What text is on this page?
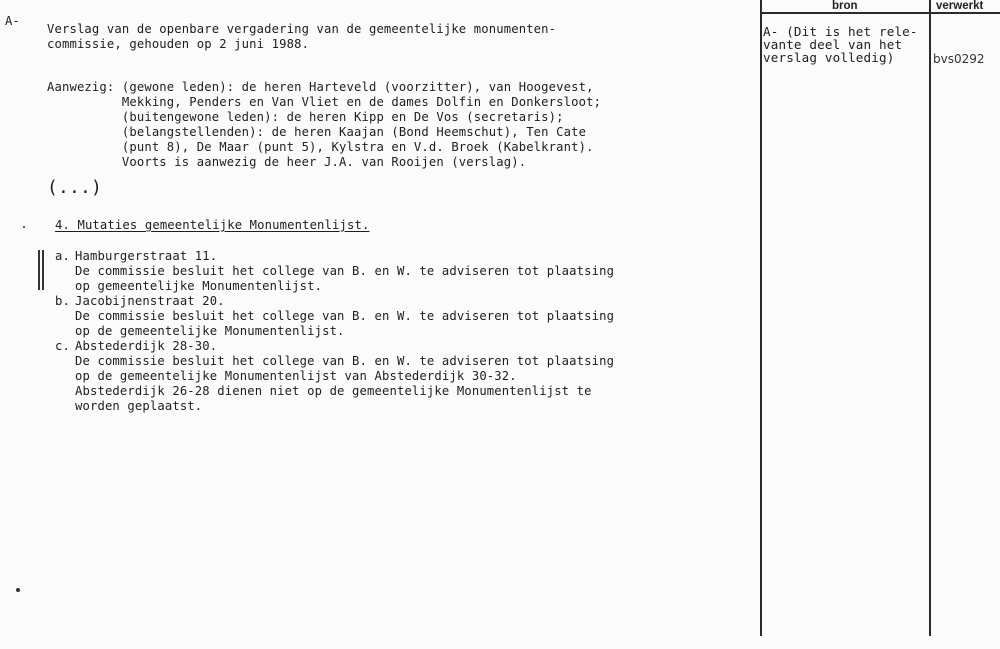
bron	verwerkt
A-
Verslag van de openbare vergadering van de gemeentelijke monumenten-
commissie, gehouden op 2 juni 1988.
Aanwezig: (gewone leden): de heren Harteveld (voorzitter), van Hoogevest,
Mekking, Penders en Van Vliet en de dames Dolfin en Donkersloot;
(buitengewone leden): de heren Kipp en De Vos (secretaris);
(belangstellenden): de heren Kaajan (Bond Heemschut), Ten Cate
(punt 8), De Maar (punt 5), Kylstra en V.d. Broek (Kabelkrant).
Voorts is aanwezig de heer J.A. van Rooijen (verslag).
(...)
4. Mutaties gemeentelijke Monumentenlijst.
a. Hamburgerstraat 11.
De commissie besluit het college van B. en W. te adviseren tot plaatsing
op gemeentelijke Monumentenlijst.
b. Jacobijnenstraat 20.
De commissie besluit het college van B. en W. te adviseren tot plaatsing
op de gemeentelijke Monumentenlijst.
c. Abstederdijk 28-30.
De commissie besluit het college van B. en W. te adviseren tot plaatsing
op de gemeentelijke Monumentenlijst van Abstederdijk 30-32.
Abstederdijk 26-28 dienen niet op de gemeentelijke Monumentenlijst te
worden geplaatst.
A- (Dit is het rele-
vante deel van het
verslag volledig)	bvs0292
